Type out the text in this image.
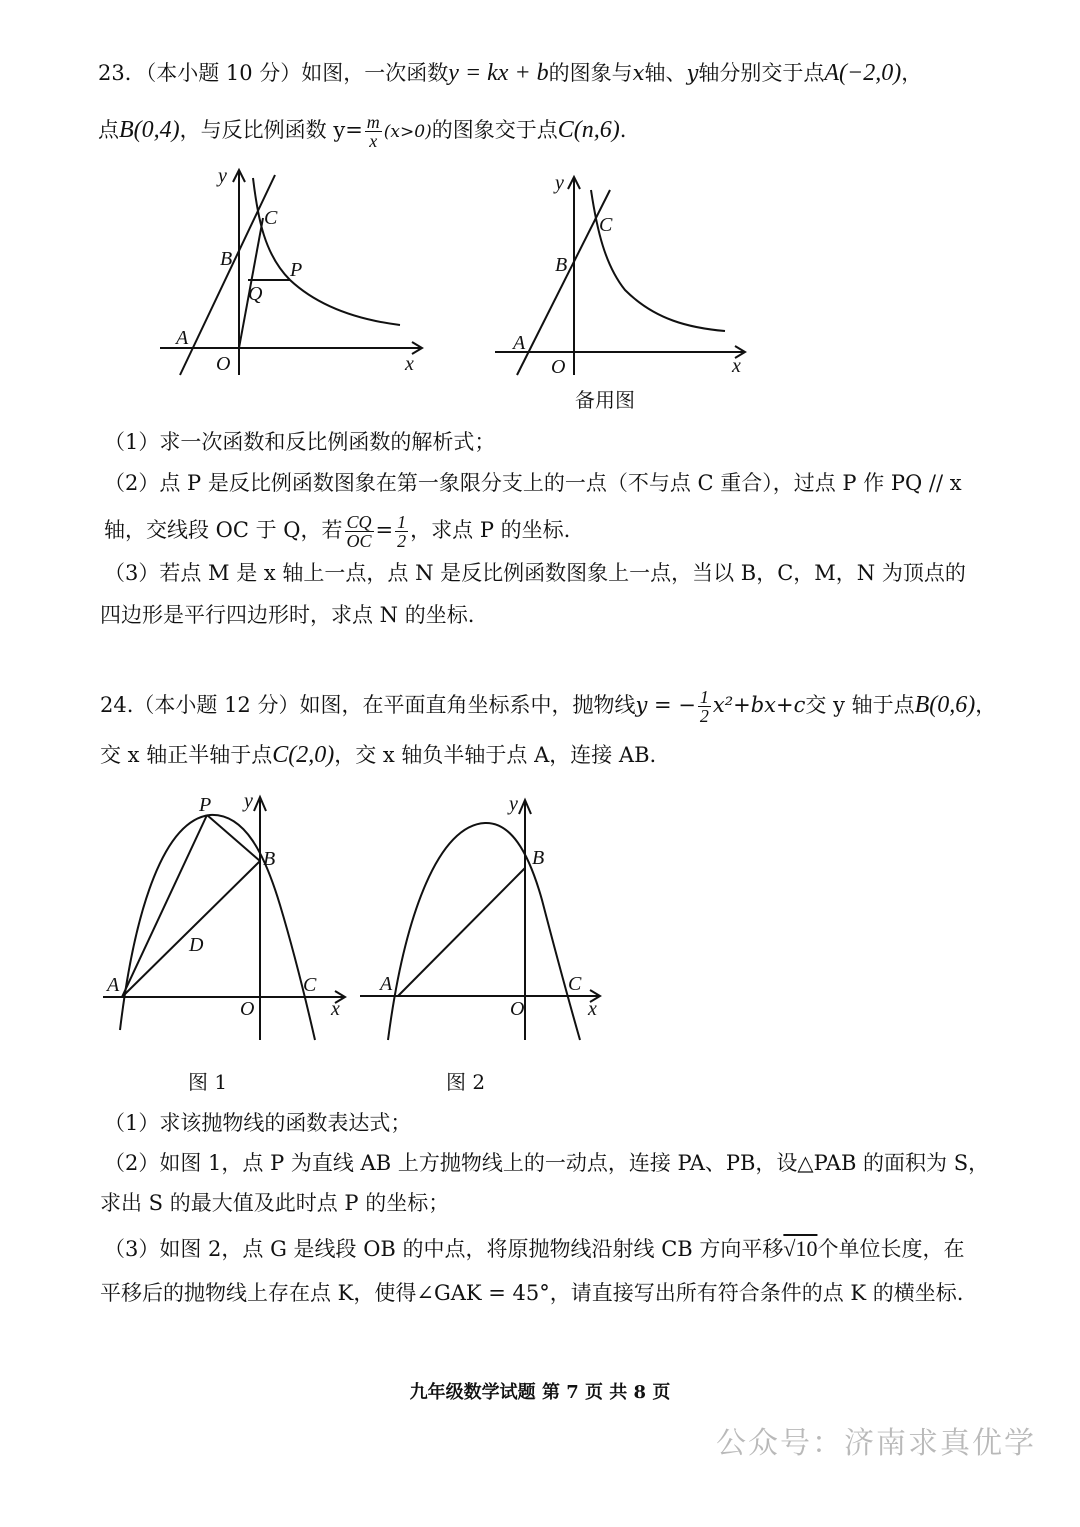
23．（本小题 10 分）如图，一次函数y = kx + b的图象与x轴、y轴分别交于点A(−2,0)，
点B(0,4)，与反比例函数 $y= \frac{m}{x} (x>0)$的图象交于点C(n,6).
y
x
O
A
B
C
P
Q
y
x
O
A
B
C
备用图
（1）求一次函数和反比例函数的解析式；
（2）点 P 是反比例函数图象在第一象限分支上的一点（不与点 C 重合），过点 P 作 PQ // x
轴，交线段 OC 于 Q，若 $\frac{CQ}{OC} = \frac{1}{2}$ ，求点 P 的坐标.
（3）若点 M 是 x 轴上一点，点 N 是反比例函数图象上一点，当以 B，C，M，N 为顶点的
四边形是平行四边形时，求点 N 的坐标.
24.（本小题 12 分）如图，在平面直角坐标系中，抛物线y = − $\frac{1}{2} x^2+bx+c$交 y 轴于点B(0,6)，
交 x 轴正半轴于点C(2,0)，交 x 轴负半轴于点 A，连接 AB.
P y
B
D
A	C
O	x
y
B
A	C
O	x
图 1	图 2
（1）求该抛物线的函数表达式；
（2）如图 1，点 P 为直线 AB 上方抛物线上的一动点，连接 PA、PB，设△PAB 的面积为 S，
求出 S 的最大值及此时点 P 的坐标；
（3）如图 2，点 G 是线段 OB 的中点，将原抛物线沿射线 CB 方向平移√10个单位长度，在
平移后的抛物线上存在点 K，使得∠GAK = 45°，请直接写出所有符合条件的点 K 的横坐标.
九年级数学试题 第 7 页 共 8 页
公众号：济南求真优学
